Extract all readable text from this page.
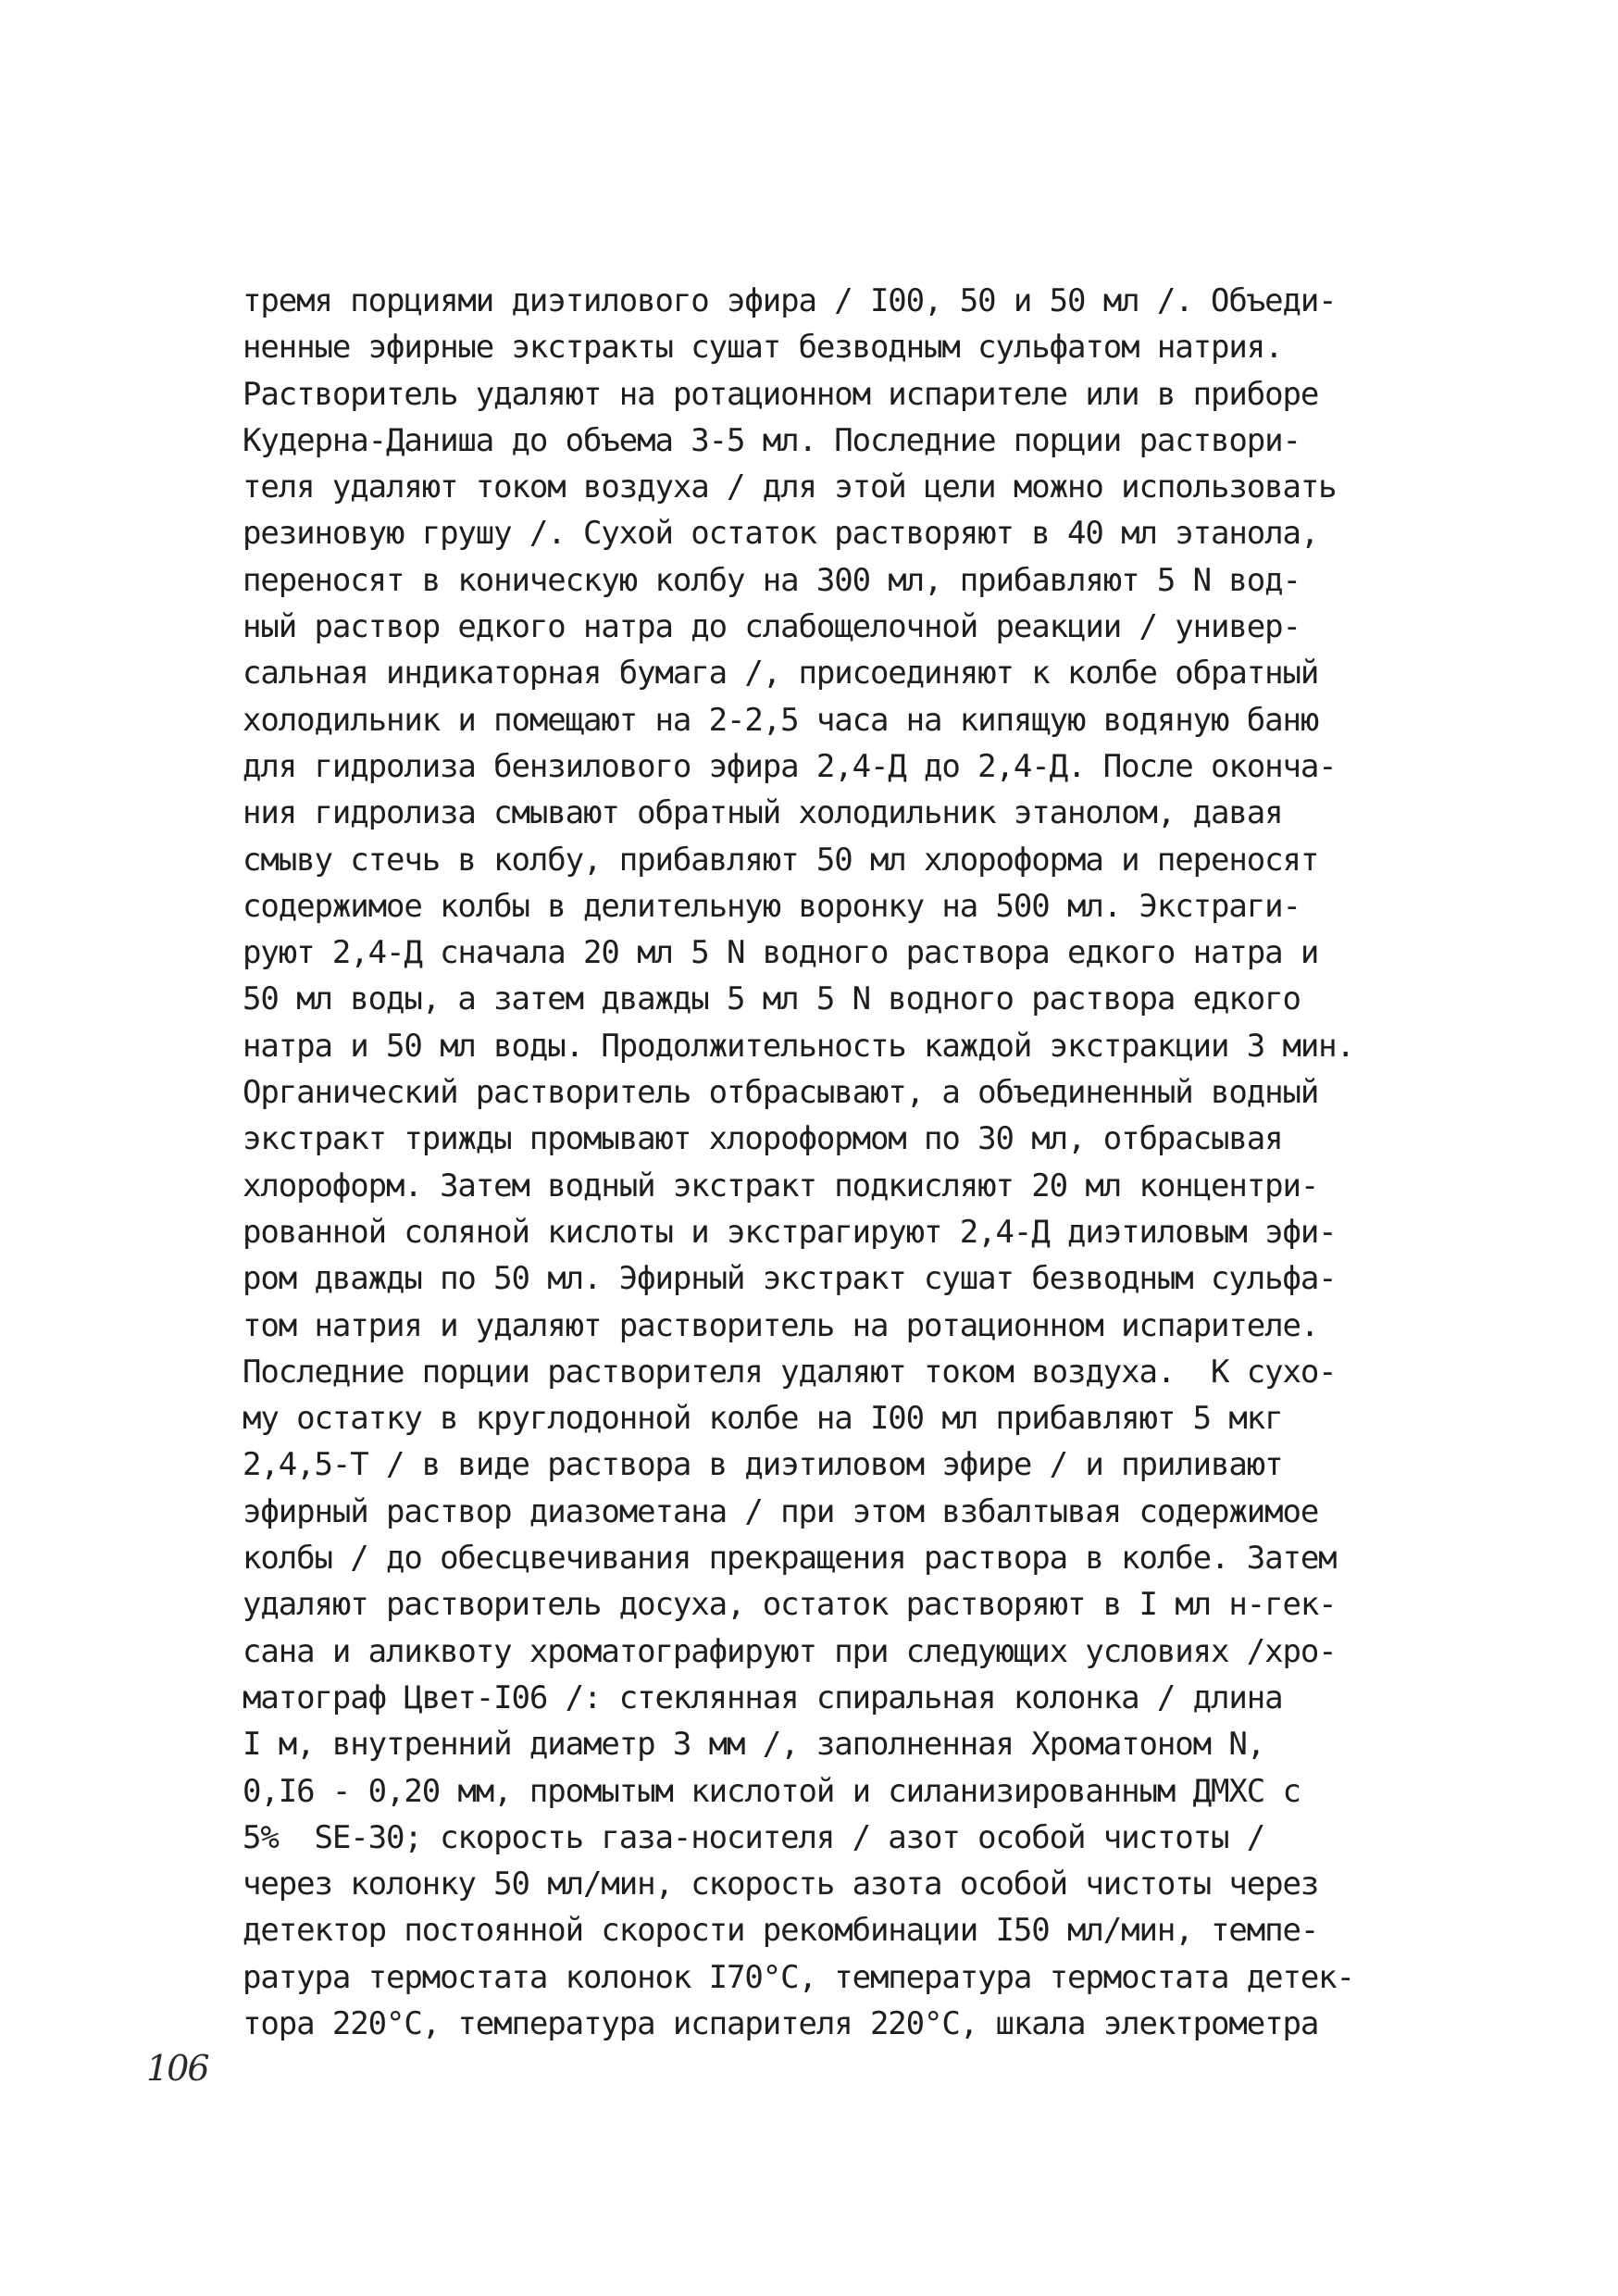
тремя порциями диэтилового эфира / I00, 50 и 50 мл /. Объеди-
ненные эфирные экстракты сушат безводным сульфатом натрия.
Растворитель удаляют на ротационном испарителе или в приборе
Кудерна-Даниша до объема 3-5 мл. Последние порции раствори-
теля удаляют током воздуха / для этой цели можно использовать
резиновую грушу /. Сухой остаток растворяют в 40 мл этанола,
переносят в коническую колбу на 300 мл, прибавляют 5 N вод-
ный раствор едкого натра до слабощелочной реакции / универ-
сальная индикаторная бумага /, присоединяют к колбе обратный
холодильник и помещают на 2-2,5 часа на кипящую водяную баню
для гидролиза бензилового эфира 2,4-Д до 2,4-Д. После оконча-
ния гидролиза смывают обратный холодильник этанолом, давая
смыву стечь в колбу, прибавляют 50 мл хлороформа и переносят
содержимое колбы в делительную воронку на 500 мл. Экстраги-
руют 2,4-Д сначала 20 мл 5 N водного раствора едкого натра и
50 мл воды, а затем дважды 5 мл 5 N водного раствора едкого
натра и 50 мл воды. Продолжительность каждой экстракции 3 мин.
Органический растворитель отбрасывают, а объединенный водный
экстракт трижды промывают хлороформом по 30 мл, отбрасывая
хлороформ. Затем водный экстракт подкисляют 20 мл концентри-
рованной соляной кислоты и экстрагируют 2,4-Д диэтиловым эфи-
ром дважды по 50 мл. Эфирный экстракт сушат безводным сульфа-
том натрия и удаляют растворитель на ротационном испарителе.
Последние порции растворителя удаляют током воздуха.  К сухо-
му остатку в круглодонной колбе на I00 мл прибавляют 5 мкг
2,4,5-Т / в виде раствора в диэтиловом эфире / и приливают
эфирный раствор диазометана / при этом взбалтывая содержимое
колбы / до обесцвечивания прекращения раствора в колбе. Затем
удаляют растворитель досуха, остаток растворяют в I мл н-гек-
сана и аликвоту хроматографируют при следующих условиях /хро-
матограф Цвет-I06 /: стеклянная спиральная колонка / длина
I м, внутренний диаметр 3 мм /, заполненная Хроматоном N,
0,I6 - 0,20 мм, промытым кислотой и силанизированным ДМХС с
5%  SE-30; скорость газа-носителя / азот особой чистоты /
через колонку 50 мл/мин, скорость азота особой чистоты через
детектор постоянной скорости рекомбинации I50 мл/мин, темпе-
ратура термостата колонок I70°С, температура термостата детек-
тора 220°С, температура испарителя 220°С, шкала электрометра
106
